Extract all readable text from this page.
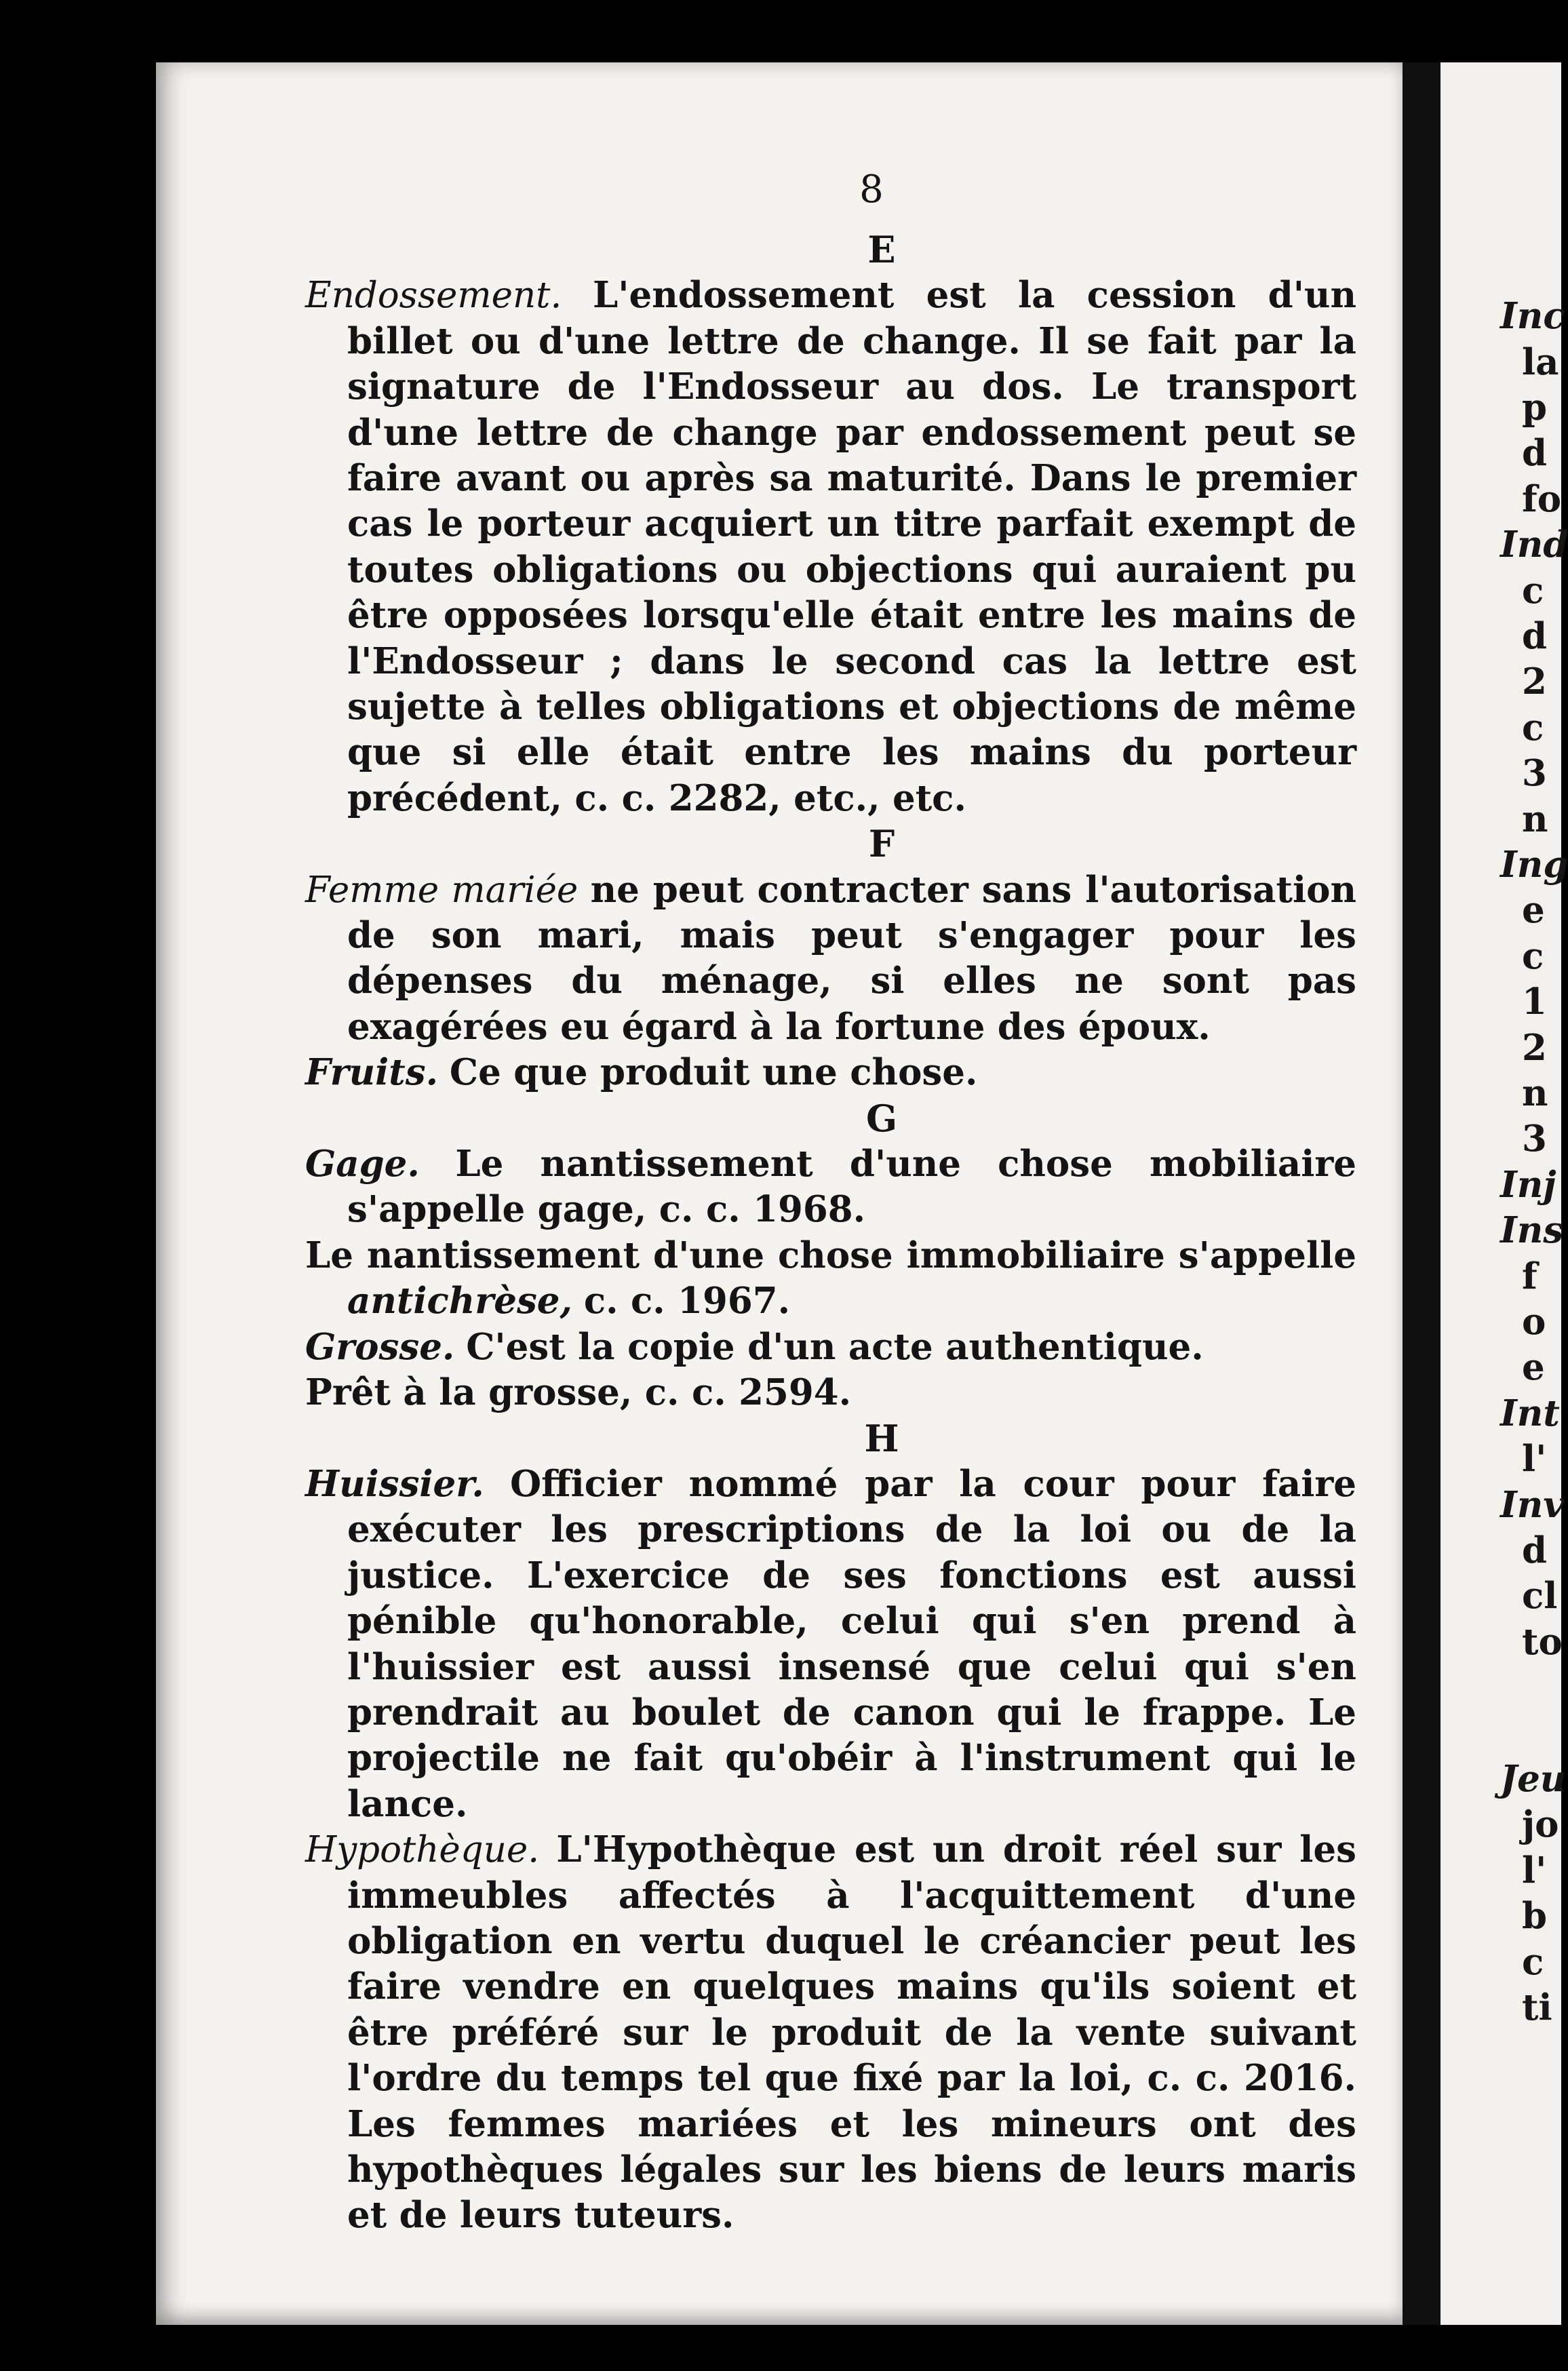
Inc
la
p
d
fo
Ind
c
d
2
c
3
n
Ing
e
c
1
2
n
3
Inj
Ins
f
o
e
Int
l'
Inv
d
cl
to
Jeu
jo
l'
b
c
ti
8
E

Endossement. L'endossement est la cession d'un billet ou d'une lettre de change. Il se fait par la signature de l'Endosseur au dos. Le transport d'une lettre de change par endossement peut se faire avant ou après sa maturité. Dans le premier cas le porteur acquiert un titre parfait exempt de toutes obligations ou objections qui auraient pu être opposées lorsqu'elle était entre les mains de l'Endosseur ; dans le second cas la lettre est sujette à telles obligations et objections de même que si elle était entre les mains du porteur précédent, c. c. 2282, etc., etc.

F

Femme mariée ne peut contracter sans l'autorisation de son mari, mais peut s'engager pour les dépenses du ménage, si elles ne sont pas exagérées eu égard à la fortune des époux.

Fruits. Ce que produit une chose.

G

Gage. Le nantissement d'une chose mobiliaire s'appelle gage, c. c. 1968.

Le nantissement d'une chose immobiliaire s'appelle antichrèse, c. c. 1967.

Grosse. C'est la copie d'un acte authentique.

Prêt à la grosse, c. c. 2594.

H

Huissier. Officier nommé par la cour pour faire exécuter les prescriptions de la loi ou de la justice. L'exercice de ses fonctions est aussi pénible qu'honorable, celui qui s'en prend à l'huissier est aussi insensé que celui qui s'en prendrait au boulet de canon qui le frappe. Le projectile ne fait qu'obéir à l'instrument qui le lance.

Hypothèque. L'Hypothèque est un droit réel sur les immeubles affectés à l'acquittement d'une obligation en vertu duquel le créancier peut les faire vendre en quelques mains qu'ils soient et être préféré sur le produit de la vente suivant l'ordre du temps tel que fixé par la loi, c. c. 2016. Les femmes mariées et les mineurs ont des hypothèques légales sur les biens de leurs maris et de leurs tuteurs.
